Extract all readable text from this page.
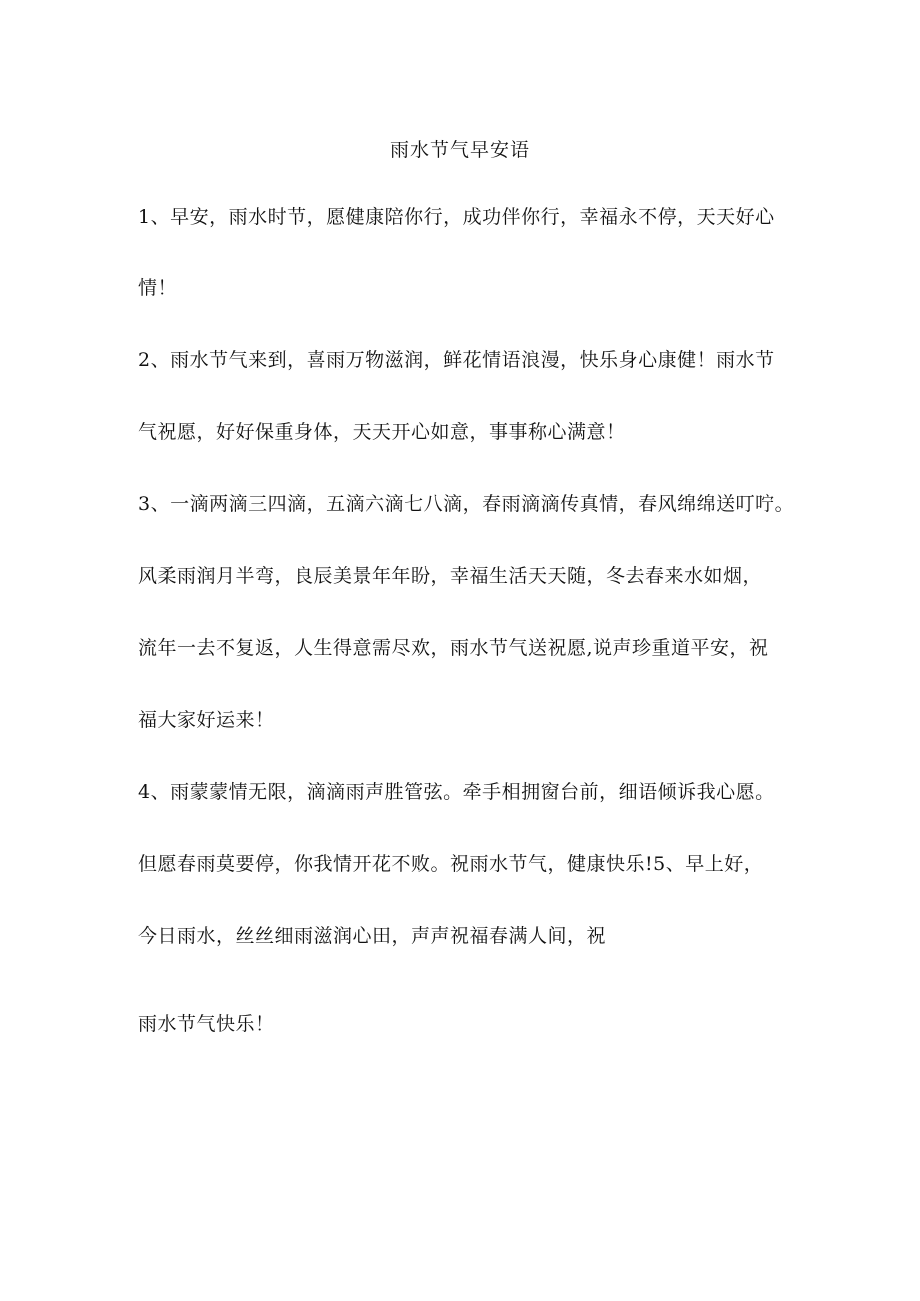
雨水节气早安语
1、早安，雨水时节，愿健康陪你行，成功伴你行，幸福永不停，天天好心
情！
2、雨水节气来到，喜雨万物滋润，鲜花情语浪漫，快乐身心康健！雨水节
气祝愿，好好保重身体，天天开心如意，事事称心满意！
3、一滴两滴三四滴，五滴六滴七八滴，春雨滴滴传真情，春风绵绵送叮咛。
风柔雨润月半弯，良辰美景年年盼，幸福生活天天随，冬去春来水如烟，
流年一去不复返，人生得意需尽欢，雨水节气送祝愿,说声珍重道平安，祝
福大家好运来！
4、雨蒙蒙情无限，滴滴雨声胜管弦。牵手相拥窗台前，细语倾诉我心愿。
但愿春雨莫要停，你我情开花不败。祝雨水节气，健康快乐!5、早上好，
今日雨水，丝丝细雨滋润心田，声声祝福春满人间，祝
雨水节气快乐！
